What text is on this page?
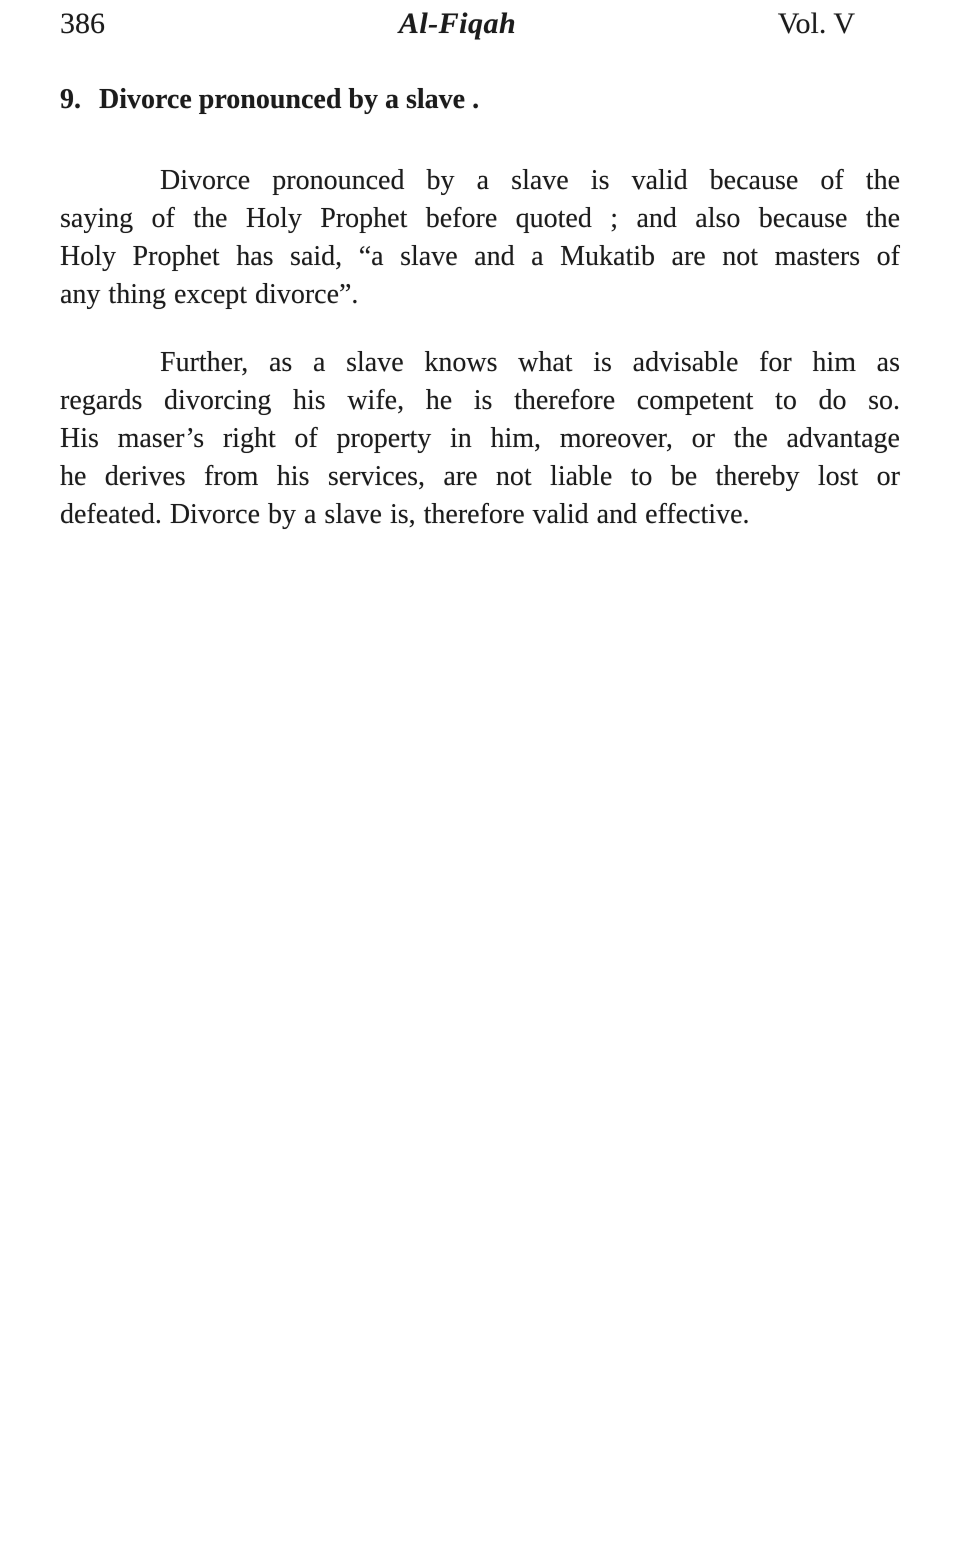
386	Al-Fiqah	Vol. V
9. Divorce pronounced by a slave .
Divorce pronounced by a slave is valid because of the
saying of the Holy Prophet before quoted ; and also because the
Holy Prophet has said, “a slave and a Mukatib are not masters of
any thing except divorce”.
Further, as a slave knows what is advisable for him as
regards divorcing his wife, he is therefore competent to do so.
His maser’s right of property in him, moreover, or the advantage
he derives from his services, are not liable to be thereby lost or
defeated. Divorce by a slave is, therefore valid and effective.
